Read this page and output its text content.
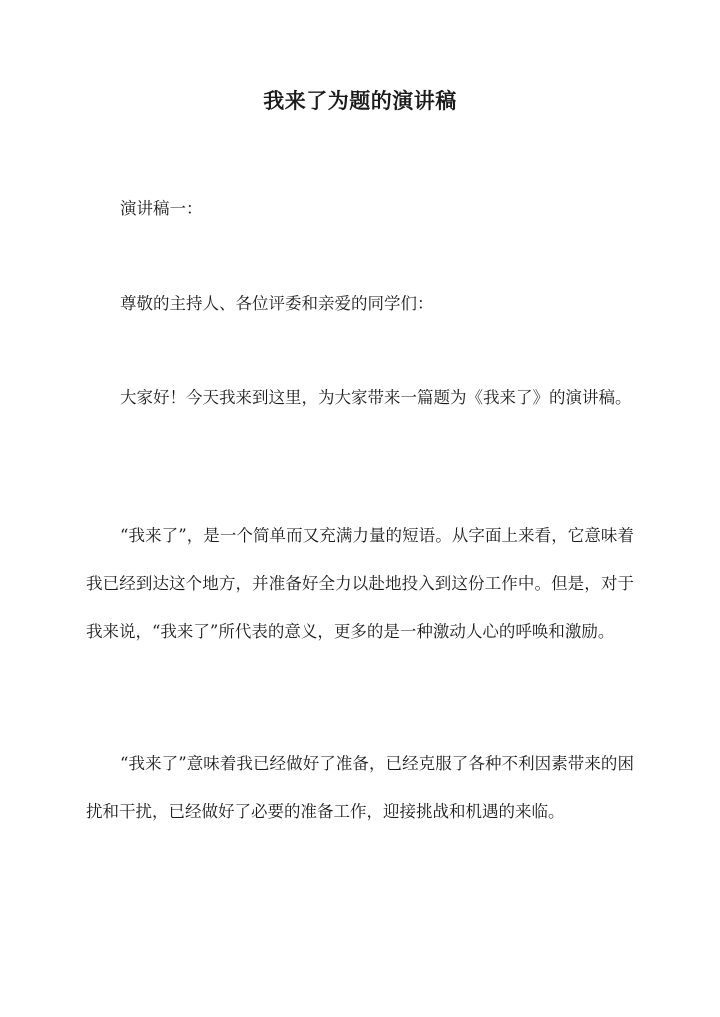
我来了为题的演讲稿
演讲稿一：
尊敬的主持人、各位评委和亲爱的同学们：
大家好！今天我来到这里，为大家带来一篇题为《我来了》的演讲稿。
“我来了”，是一个简单而又充满力量的短语。从字面上来看，它意味着我已经到达这个地方，并准备好全力以赴地投入到这份工作中。但是，对于我来说，“我来了”所代表的意义，更多的是一种激动人心的呼唤和激励。
“我来了”意味着我已经做好了准备，已经克服了各种不利因素带来的困扰和干扰，已经做好了必要的准备工作，迎接挑战和机遇的来临。
